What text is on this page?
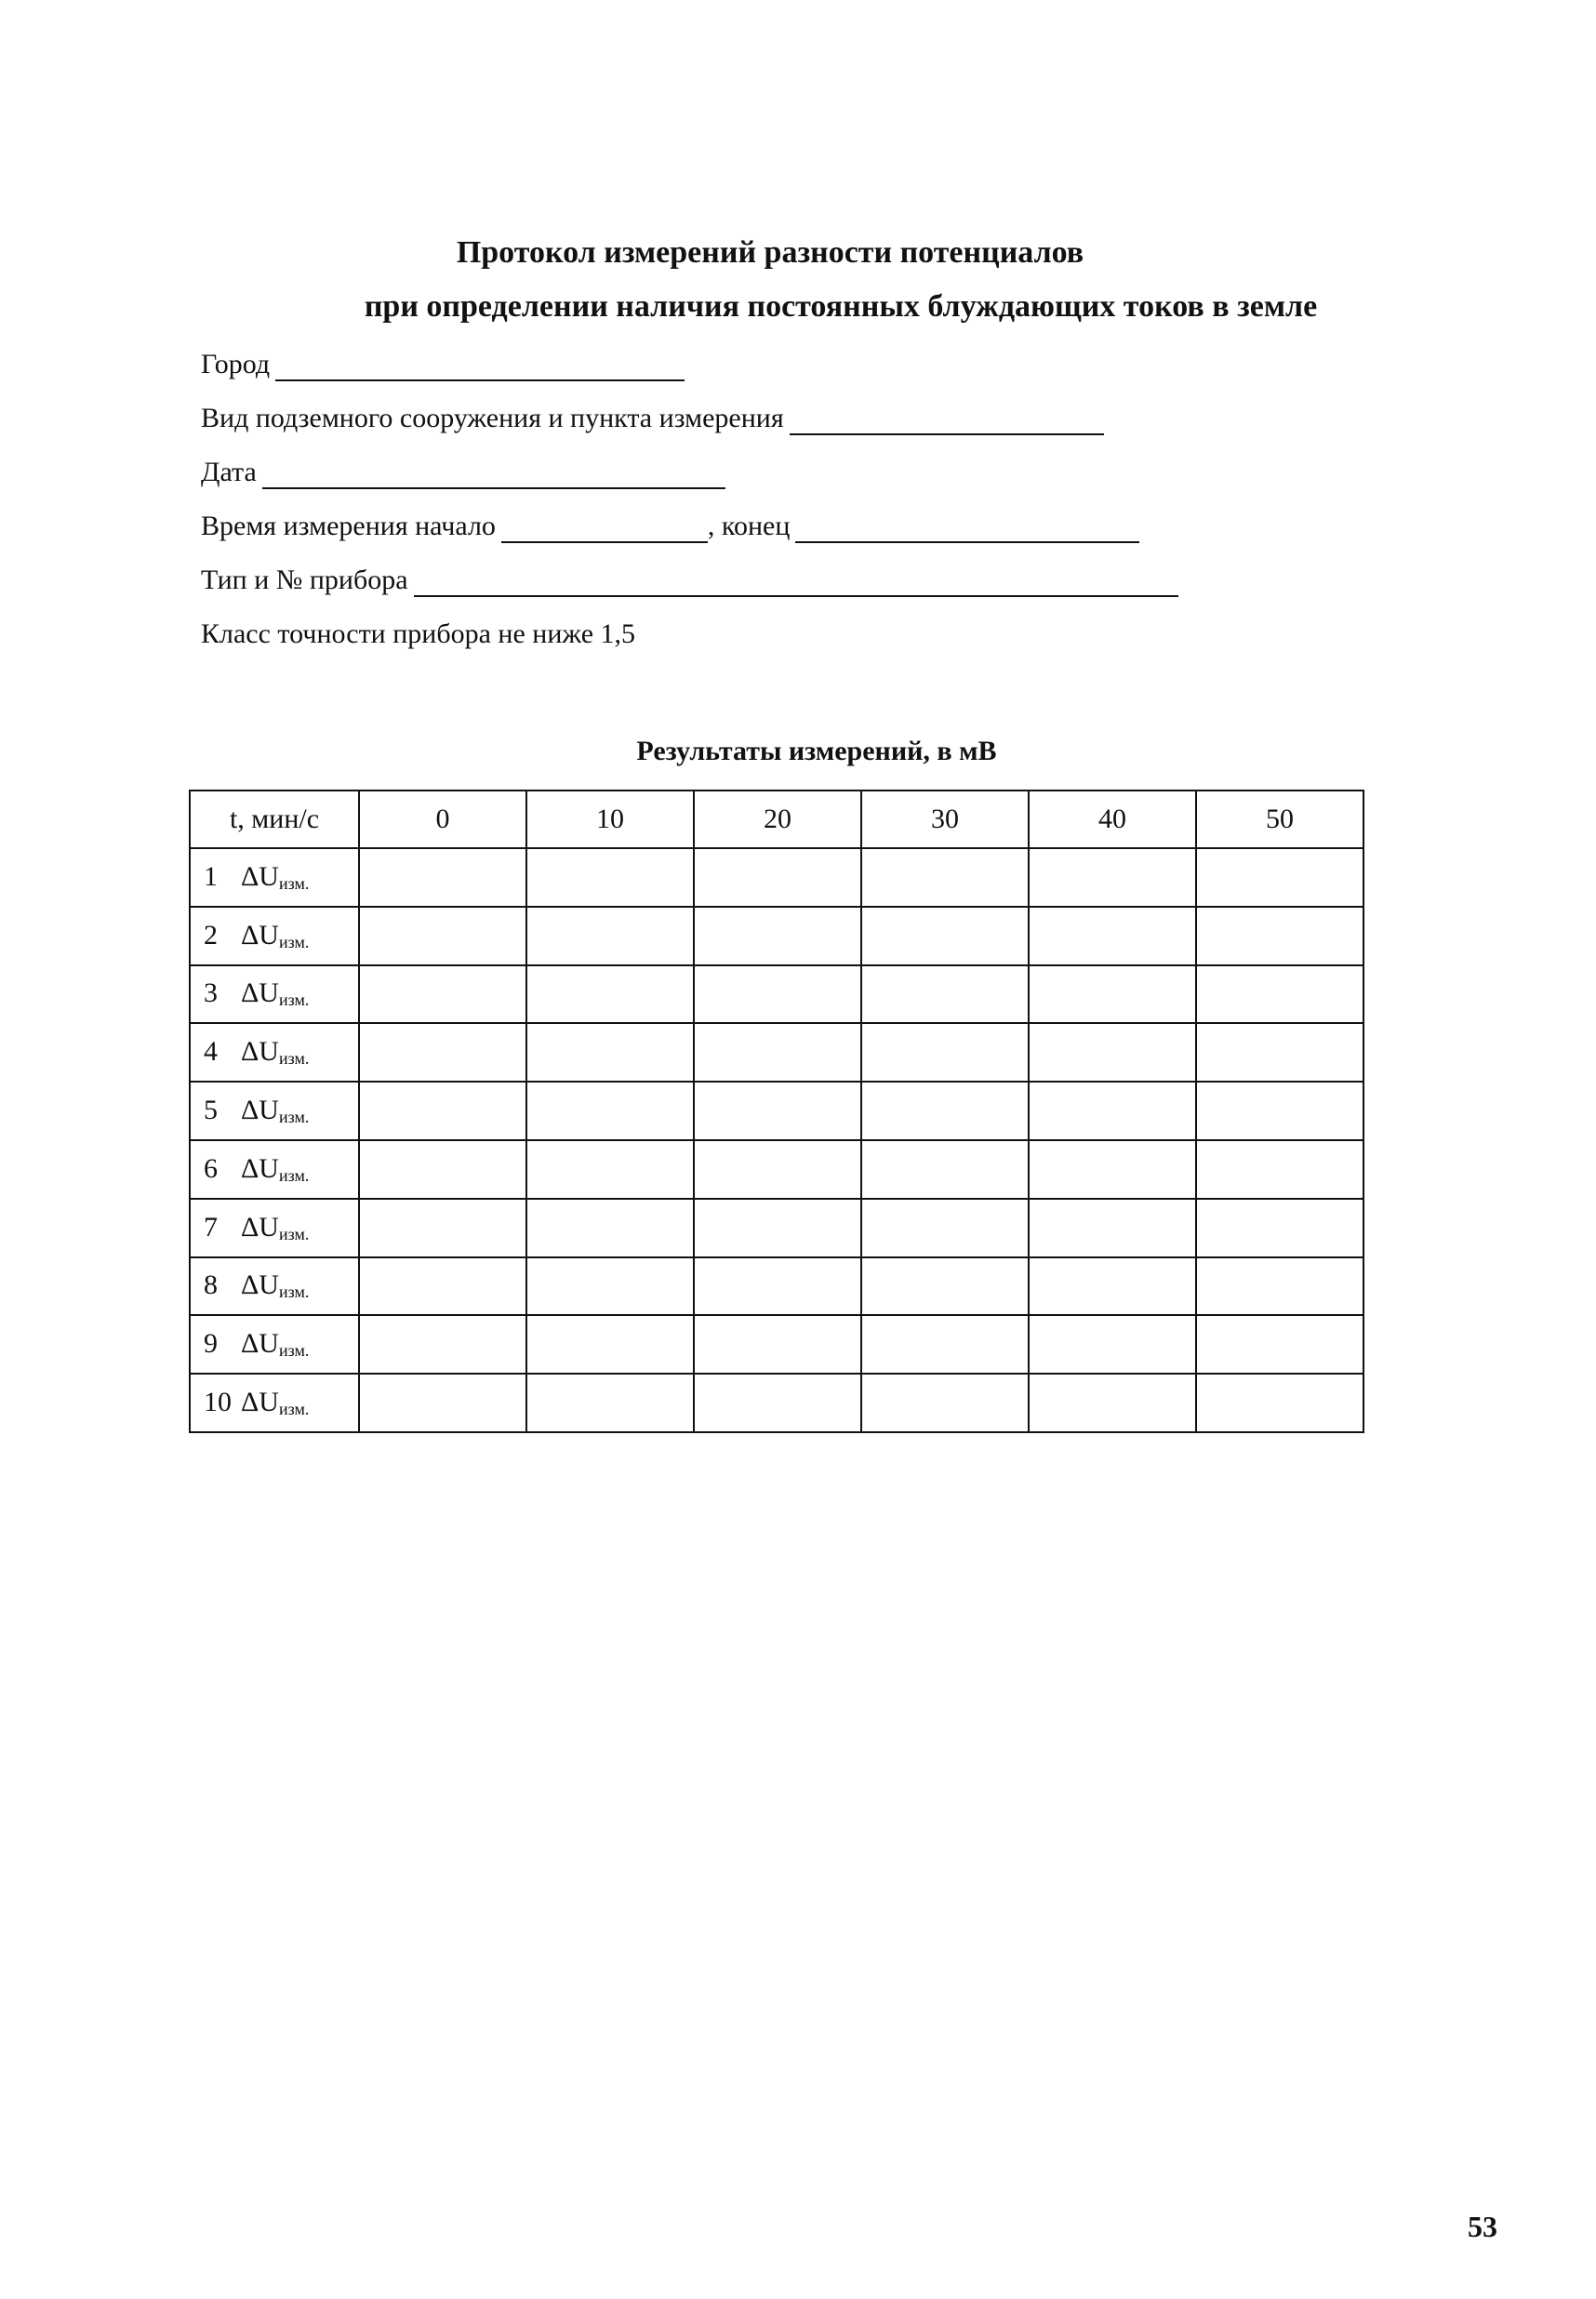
Протокол измерений разности потенциалов
при определении наличия постоянных блуждающих токов в земле
Город
Вид подземного сооружения и пункта измерения
Дата
Время измерения начало	, конец
Тип и № прибора
Класс точности прибора не ниже 1,5
Результаты измерений, в мВ
t, мин/с	0	10	20	30	40	50
1 $\Delta U_{изм.}$						
2 $\Delta U_{изм.}$						
3 $\Delta U_{изм.}$						
4 $\Delta U_{изм.}$						
5 $\Delta U_{изм.}$						
6 $\Delta U_{изм.}$						
7 $\Delta U_{изм.}$						
8 $\Delta U_{изм.}$						
9 $\Delta U_{изм.}$						
10 $\Delta U_{изм.}$						

53
